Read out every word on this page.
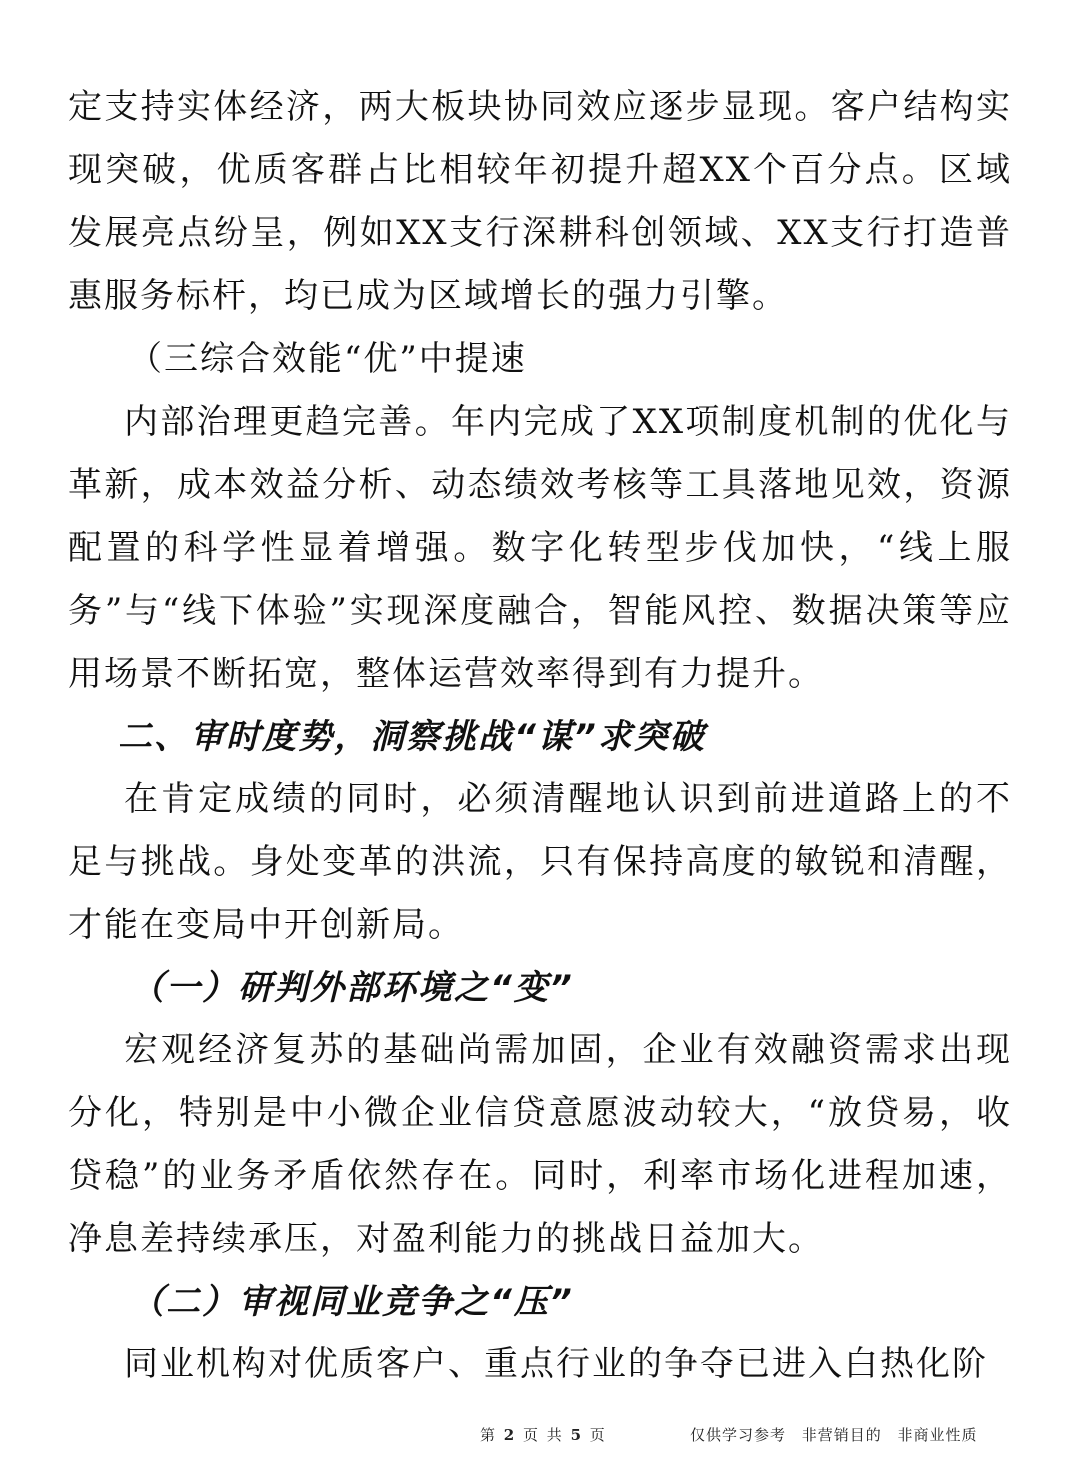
定支持实体经济，两大板块协同效应逐步显现。客户结构实现突破，优质客群占比相较年初提升超XX个百分点。区域发展亮点纷呈，例如XX支行深耕科创领域、XX支行打造普惠服务标杆，均已成为区域增长的强力引擎。

（三综合效能“优”中提速

内部治理更趋完善。年内完成了XX项制度机制的优化与革新，成本效益分析、动态绩效考核等工具落地见效，资源配置的科学性显着增强。数字化转型步伐加快，“线上服务”与“线下体验”实现深度融合，智能风控、数据决策等应用场景不断拓宽，整体运营效率得到有力提升。

二、审时度势，洞察挑战“谋”求突破

在肯定成绩的同时，必须清醒地认识到前进道路上的不足与挑战。身处变革的洪流，只有保持高度的敏锐和清醒，才能在变局中开创新局。

（一）研判外部环境之“变”

宏观经济复苏的基础尚需加固，企业有效融资需求出现分化，特别是中小微企业信贷意愿波动较大，“放贷易，收贷稳”的业务矛盾依然存在。同时，利率市场化进程加速，净息差持续承压，对盈利能力的挑战日益加大。

（二）审视同业竞争之“压”

同业机构对优质客户、重点行业的争夺已进入白热化阶

第 2 页 共 5 页	仅供学习参考 非营销目的 非商业性质
